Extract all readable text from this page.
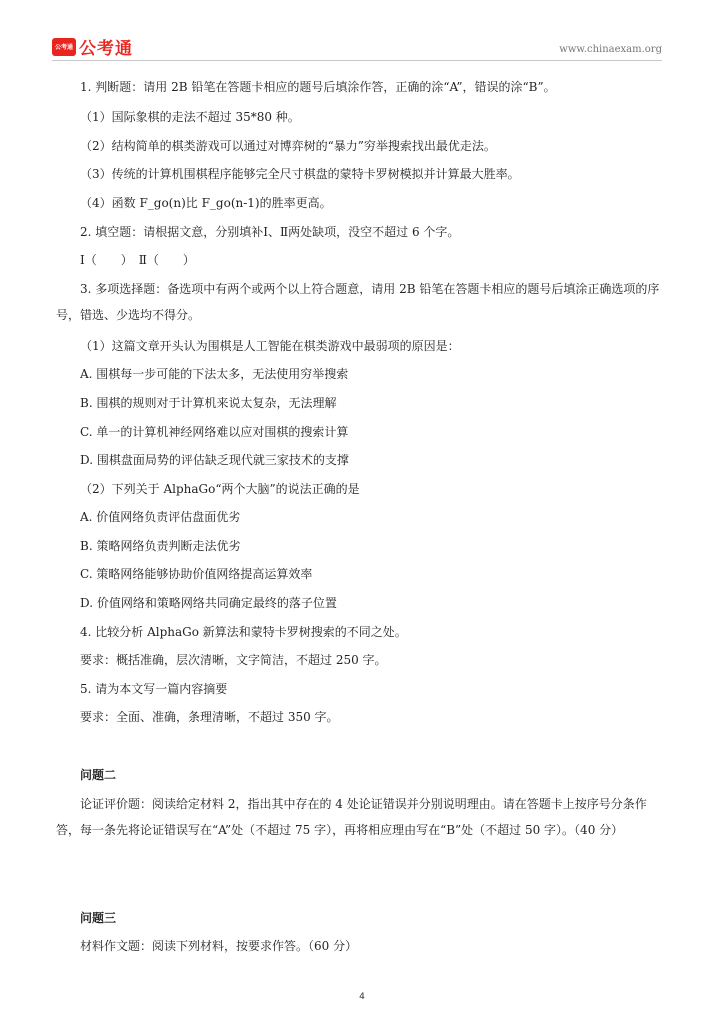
公考通 公考通	www.chinaexam.org
1. 判断题：请用 2B 铅笔在答题卡相应的题号后填涂作答，正确的涂“A”，错误的涂“B”。
（1）国际象棋的走法不超过 35*80 种。
（2）结构简单的棋类游戏可以通过对博弈树的“暴力”穷举搜索找出最优走法。
（3）传统的计算机围棋程序能够完全尺寸棋盘的蒙特卡罗树模拟并计算最大胜率。
（4）函数 F_go(n)比 F_go(n-1)的胜率更高。
2. 填空题：请根据文意，分别填补Ⅰ、Ⅱ两处缺项，没空不超过 6 个字。
Ⅰ（　　）　Ⅱ（　　）
3. 多项选择题：备选项中有两个或两个以上符合题意，请用 2B 铅笔在答题卡相应的题号后填涂正确选项的序号，错选、少选均不得分。
（1）这篇文章开头认为围棋是人工智能在棋类游戏中最弱项的原因是：
A. 围棋每一步可能的下法太多，无法使用穷举搜索
B. 围棋的规则对于计算机来说太复杂，无法理解
C. 单一的计算机神经网络难以应对围棋的搜索计算
D. 围棋盘面局势的评估缺乏现代就三家技术的支撑
（2）下列关于 AlphaGo“两个大脑”的说法正确的是
A. 价值网络负责评估盘面优劣
B. 策略网络负责判断走法优劣
C. 策略网络能够协助价值网络提高运算效率
D. 价值网络和策略网络共同确定最终的落子位置
4. 比较分析 AlphaGo 新算法和蒙特卡罗树搜索的不同之处。
要求：概括准确，层次清晰，文字简洁，不超过 250 字。
5. 请为本文写一篇内容摘要
要求：全面、准确，条理清晰，不超过 350 字。
问题二
论证评价题：阅读给定材料 2，指出其中存在的 4 处论证错误并分别说明理由。请在答题卡上按序号分条作答，每一条先将论证错误写在“A”处（不超过 75 字），再将相应理由写在“B”处（不超过 50 字）。（40 分）
问题三
材料作文题：阅读下列材料，按要求作答。（60 分）
4
